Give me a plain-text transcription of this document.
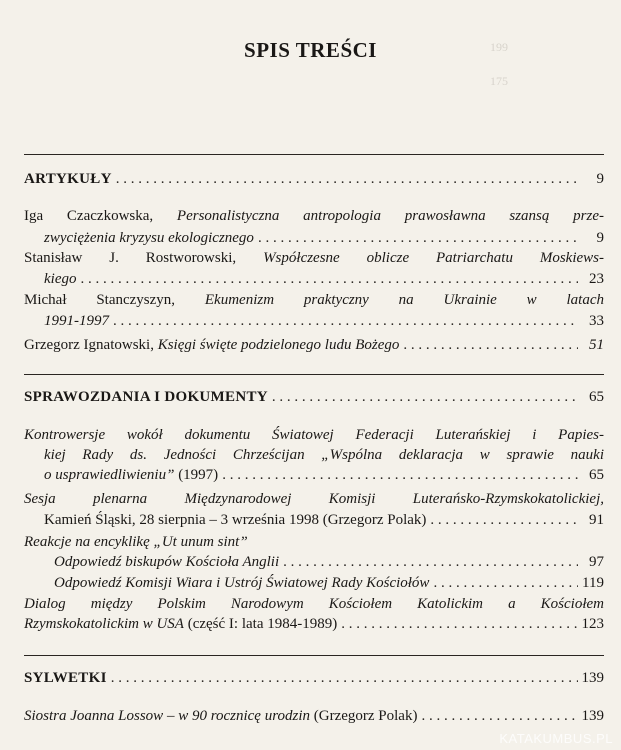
199
175
SPIS TREŚCI
ARTYKUŁY . . .	9
Iga Czaczkowska, Personalistyczna antropologia prawosławna szansą prze-
zwyciężenia kryzysu ekologicznego . . .	9
Stanisław J. Rostworowski, Współczesne oblicze Patriarchatu Moskiews-
kiego . . .	23
Michał Stanczyszyn, Ekumenizm praktyczny na Ukrainie w latach
1991-1997 . . .	33
Grzegorz Ignatowski, Księgi święte podzielonego ludu Bożego . . .	51
SPRAWOZDANIA I DOKUMENTY . . .	65
Kontrowersje wokół dokumentu Światowej Federacji Luterańskiej i Papies-
kiej Rady ds. Jedności Chrześcijan „Wspólna deklaracja w sprawie nauki
o usprawiedliwieniu” (1997) . . .	65
Sesja plenarna Międzynarodowej Komisji Luterańsko-Rzymskokatolickiej,
Kamień Śląski, 28 sierpnia – 3 września 1998 (Grzegorz Polak) . . .	91
Reakcje na encyklikę „Ut unum sint”
Odpowiedź biskupów Kościoła Anglii . . .	97
Odpowiedź Komisji Wiara i Ustrój Światowej Rady Kościołów . . .	119
Dialog między Polskim Narodowym Kościołem Katolickim a Kościołem
Rzymskokatolickim w USA (część I: lata 1984-1989) . . .	123
SYLWETKI . . .	139
Siostra Joanna Lossow – w 90 rocznicę urodzin (Grzegorz Polak) . . .	139
KATAKUMBUS.PL
